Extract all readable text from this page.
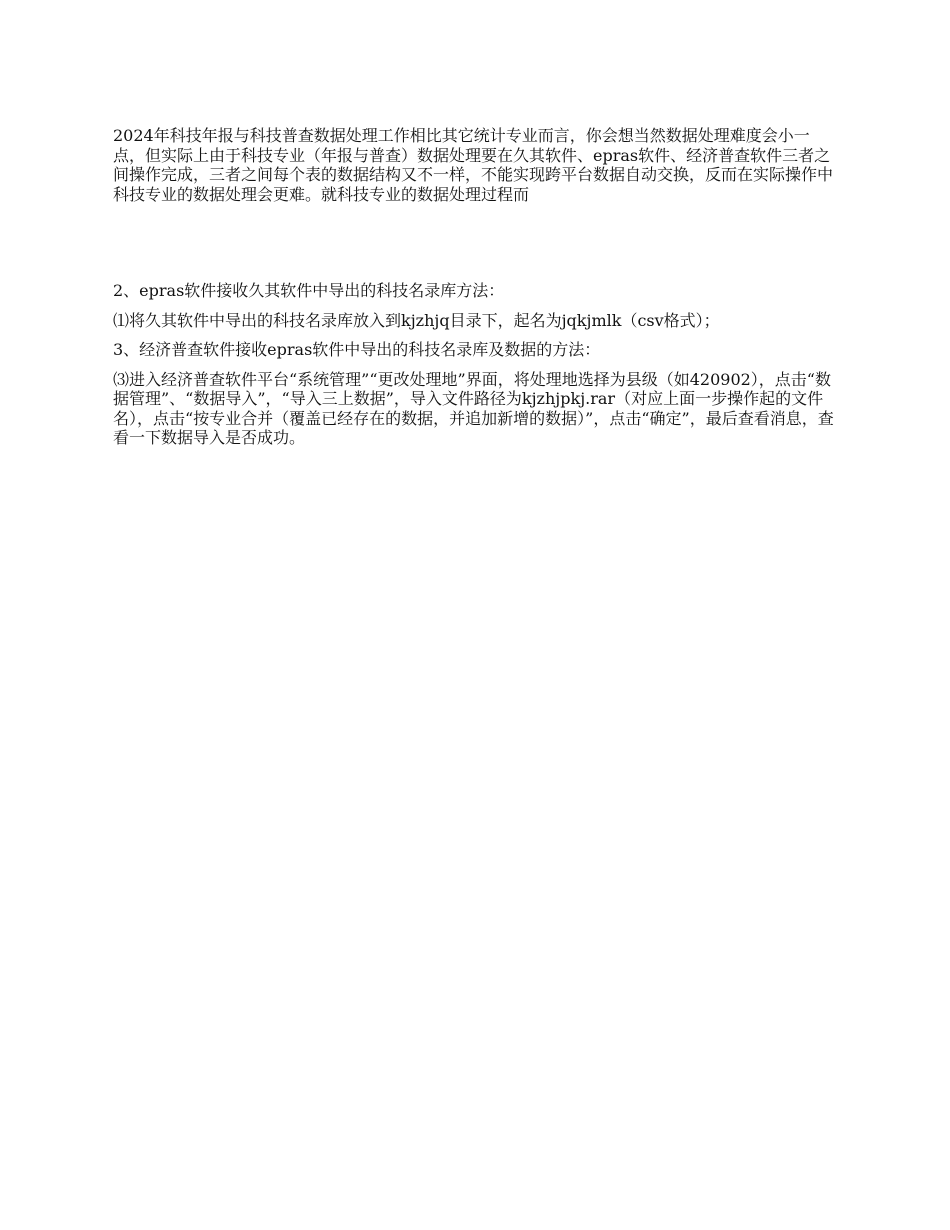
2024年科技年报与科技普查数据处理工作相比其它统计专业而言，你会想当然数据处理难度会小一点，但实际上由于科技专业（年报与普查）数据处理要在久其软件、epras软件、经济普查软件三者之间操作完成，三者之间每个表的数据结构又不一样，不能实现跨平台数据自动交换，反而在实际操作中科技专业的数据处理会更难。就科技专业的数据处理过程而

2、epras软件接收久其软件中导出的科技名录库方法：

⑴将久其软件中导出的科技名录库放入到kjzhjq目录下，起名为jqkjmlk（csv格式）；

3、经济普查软件接收epras软件中导出的科技名录库及数据的方法：

⑶进入经济普查软件平台“系统管理”“更改处理地”界面，将处理地选择为县级（如420902），点击“数据管理”、“数据导入”，“导入三上数据”，导入文件路径为kjzhjpkj.rar（对应上面一步操作起的文件名），点击“按专业合并（覆盖已经存在的数据，并追加新增的数据）”，点击“确定”，最后查看消息，查看一下数据导入是否成功。
